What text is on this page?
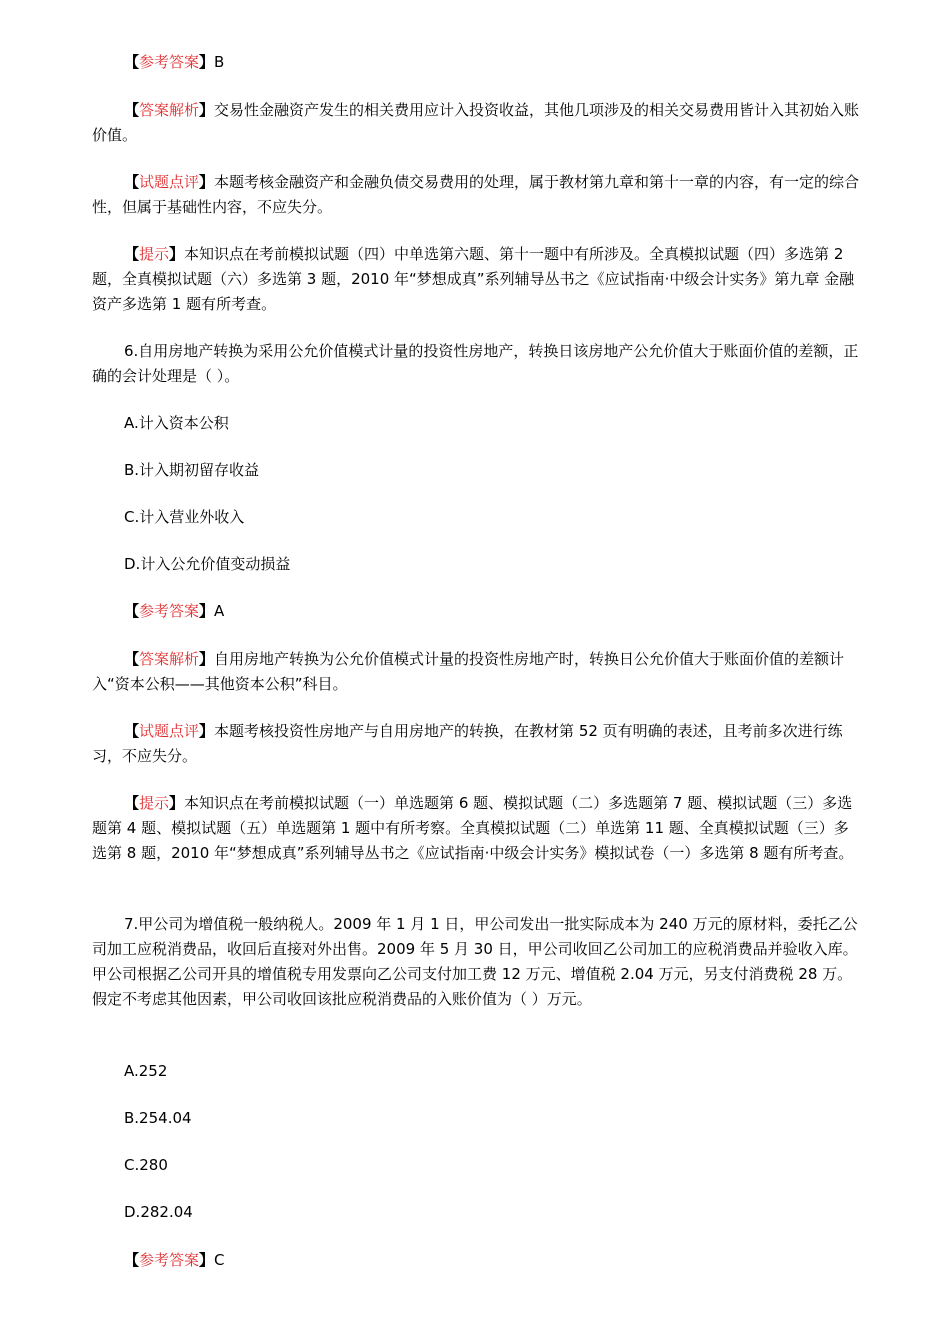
【参考答案】B

【答案解析】交易性金融资产发生的相关费用应计入投资收益，其他几项涉及的相关交易费用皆计入其初始入账价值。

【试题点评】本题考核金融资产和金融负债交易费用的处理，属于教材第九章和第十一章的内容，有一定的综合性，但属于基础性内容，不应失分。

【提示】本知识点在考前模拟试题（四）中单选第六题、第十一题中有所涉及。全真模拟试题（四）多选第 2 题，全真模拟试题（六）多选第 3 题，2010 年“梦想成真”系列辅导丛书之《应试指南·中级会计实务》第九章 金融资产多选第 1 题有所考查。

6.自用房地产转换为采用公允价值模式计量的投资性房地产，转换日该房地产公允价值大于账面价值的差额，正确的会计处理是（ ）。

A.计入资本公积

B.计入期初留存收益

C.计入营业外收入

D.计入公允价值变动损益

【参考答案】A

【答案解析】自用房地产转换为公允价值模式计量的投资性房地产时，转换日公允价值大于账面价值的差额计入“资本公积——其他资本公积”科目。

【试题点评】本题考核投资性房地产与自用房地产的转换，在教材第 52 页有明确的表述，且考前多次进行练习，不应失分。

【提示】本知识点在考前模拟试题（一）单选题第 6 题、模拟试题（二）多选题第 7 题、模拟试题（三）多选题第 4 题、模拟试题（五）单选题第 1 题中有所考察。全真模拟试题（二）单选第 11 题、全真模拟试题（三）多选第 8 题，2010 年“梦想成真”系列辅导丛书之《应试指南·中级会计实务》模拟试卷（一）多选第 8 题有所考查。

7.甲公司为增值税一般纳税人。2009 年 1 月 1 日，甲公司发出一批实际成本为 240 万元的原材料，委托乙公司加工应税消费品，收回后直接对外出售。2009 年 5 月 30 日，甲公司收回乙公司加工的应税消费品并验收入库。甲公司根据乙公司开具的增值税专用发票向乙公司支付加工费 12 万元、增值税 2.04 万元，另支付消费税 28 万。假定不考虑其他因素，甲公司收回该批应税消费品的入账价值为（ ）万元。

A.252

B.254.04

C.280

D.282.04

【参考答案】C
